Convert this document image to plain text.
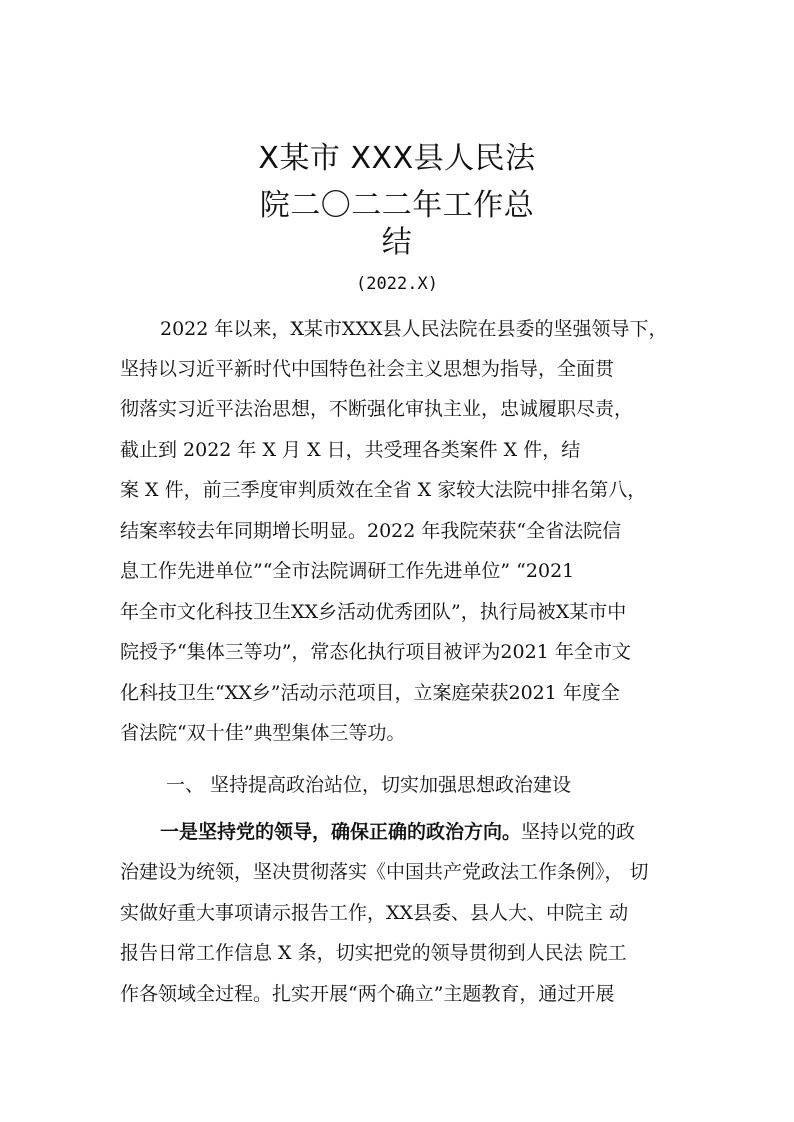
X某市 XXX县人民法
院二〇二二年工作总
结
(2022.X)
2022 年以来，X某市XXX县人民法院在县委的坚强领导下，
坚持以习近平新时代中国特色社会主义思想为指导，全面贯
彻落实习近平法治思想，不断强化审执主业，忠诚履职尽责，
截止到 2022 年 X 月 X 日，共受理各类案件 X 件，结
案 X 件，前三季度审判质效在全省 X 家较大法院中排名第八，
结案率较去年同期增长明显。2022 年我院荣获“全省法院信
息工作先进单位”“全市法院调研工作先进单位” “2021
年全市文化科技卫生XX乡活动优秀团队”，执行局被X某市中
院授予“集体三等功”，常态化执行项目被评为2021 年全市文
化科技卫生“XX乡”活动示范项目，立案庭荣获2021 年度全
省法院“双十佳”典型集体三等功。
一、 坚持提高政治站位，切实加强思想政治建设
一是坚持党的领导，确保正确的政治方向。坚持以党的政
治建设为统领，坚决贯彻落实《中国共产党政法工作条例》， 切
实做好重大事项请示报告工作，XX县委、县人大、中院主 动
报告日常工作信息 X 条，切实把党的领导贯彻到人民法 院工
作各领域全过程。扎实开展“两个确立”主题教育，通过开展
